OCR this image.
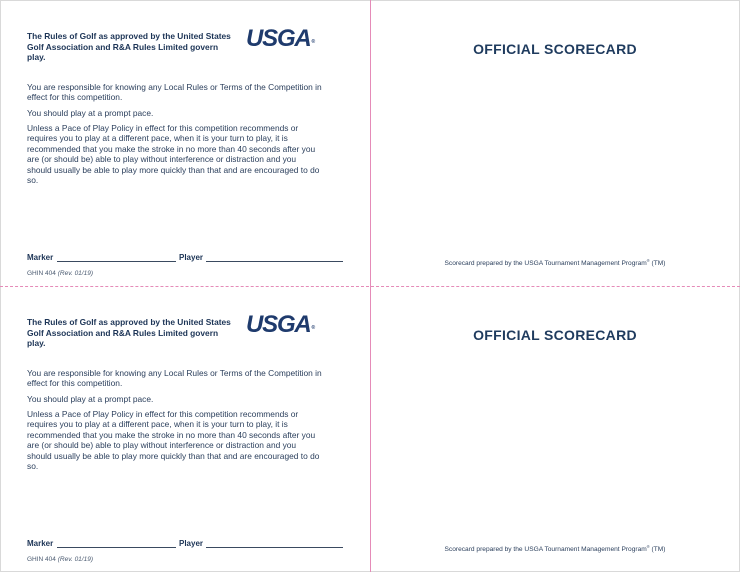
The Rules of Golf as approved by the United States Golf Association and R&A Rules Limited govern play.
USGA®
You are responsible for knowing any Local Rules or Terms of the Competition in effect for this competition.
You should play at a prompt pace.
Unless a Pace of Play Policy in effect for this competition recommends or requires you to play at a different pace, when it is your turn to play, it is recommended that you make the stroke in no more than 40 seconds after you are (or should be) able to play without interference or distraction and you should usually be able to play more quickly than that and are encouraged to do so.
Marker	Player
GHIN 404 (Rev. 01/19)
OFFICIAL SCORECARD
Scorecard prepared by the USGA Tournament Management Program® (TM)
The Rules of Golf as approved by the United States Golf Association and R&A Rules Limited govern play.
USGA®
You are responsible for knowing any Local Rules or Terms of the Competition in effect for this competition.
You should play at a prompt pace.
Unless a Pace of Play Policy in effect for this competition recommends or requires you to play at a different pace, when it is your turn to play, it is recommended that you make the stroke in no more than 40 seconds after you are (or should be) able to play without interference or distraction and you should usually be able to play more quickly than that and are encouraged to do so.
Marker	Player
GHIN 404 (Rev. 01/19)
OFFICIAL SCORECARD
Scorecard prepared by the USGA Tournament Management Program® (TM)
